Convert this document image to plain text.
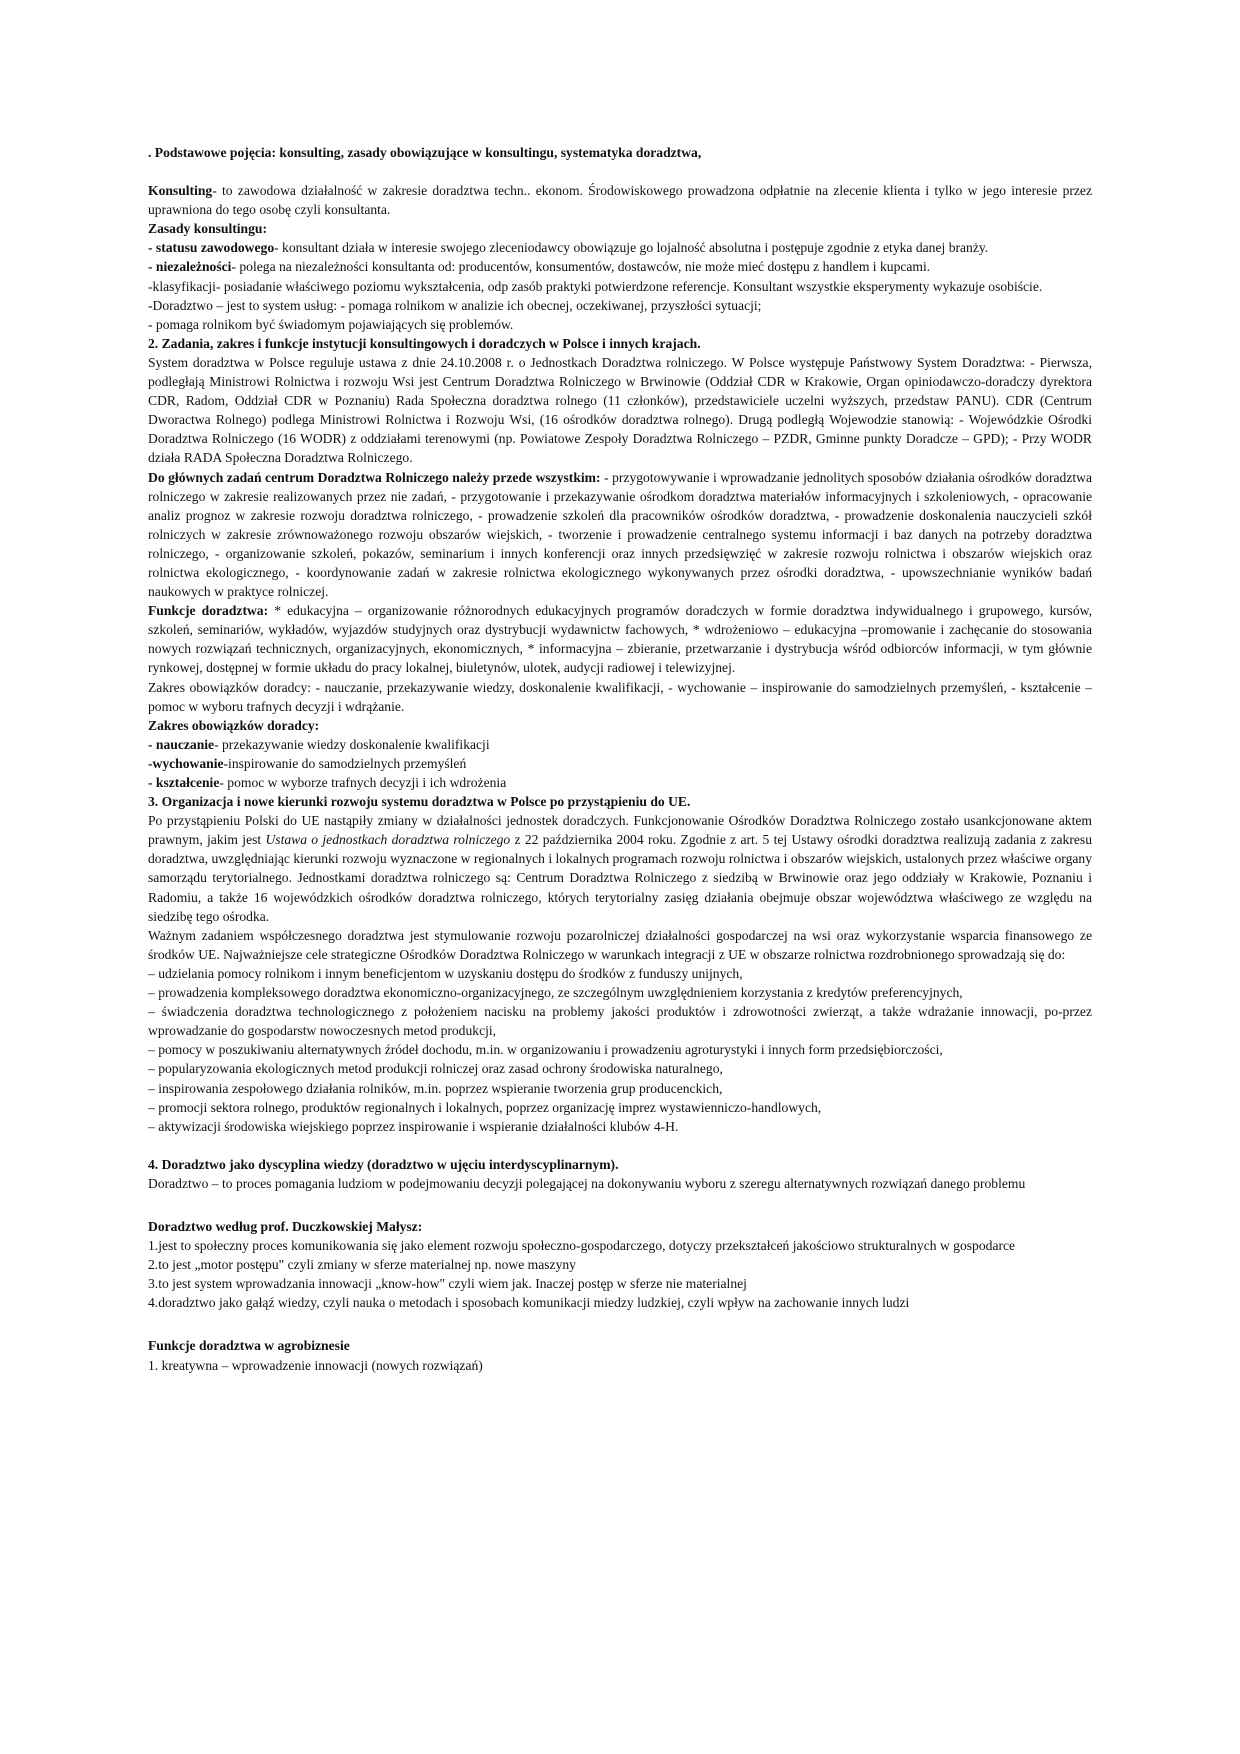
. Podstawowe pojęcia: konsulting, zasady obowiązujące w konsultingu, systematyka doradztwa,

Konsulting- to zawodowa działalność w zakresie doradztwa techn.. ekonom. Środowiskowego prowadzona odpłatnie na zlecenie klienta i tylko w jego interesie przez uprawniona do tego osobę czyli konsultanta.

Zasady konsultingu:

- statusu zawodowego- konsultant działa w interesie swojego zleceniodawcy obowiązuje go lojalność absolutna i postępuje zgodnie z etyka danej branży.

- niezależności- polega na niezależności konsultanta od: producentów, konsumentów, dostawców, nie może mieć dostępu z handlem i kupcami.

-klasyfikacji- posiadanie właściwego poziomu wykształcenia, odp zasób praktyki potwierdzone referencje. Konsultant wszystkie eksperymenty wykazuje osobiście.

-Doradztwo – jest to system usług: - pomaga rolnikom w analizie ich obecnej, oczekiwanej, przyszłości sytuacji;

- pomaga rolnikom być świadomym pojawiających się problemów.

2. Zadania, zakres i funkcje instytucji konsultingowych i doradczych w Polsce i innych krajach.

System doradztwa w Polsce reguluje ustawa z dnie 24.10.2008 r. o Jednostkach Doradztwa rolniczego. W Polsce występuje Państwowy System Doradztwa: - Pierwsza, podległają Ministrowi Rolnictwa i rozwoju Wsi jest Centrum Doradztwa Rolniczego w Brwinowie (Oddział CDR w Krakowie, Organ opiniodawczo-doradczy dyrektora CDR, Radom, Oddział CDR w Poznaniu) Rada Społeczna doradztwa rolnego (11 członków), przedstawiciele uczelni wyższych, przedstaw PANU). CDR (Centrum Dworactwa Rolnego) podlega Ministrowi Rolnictwa i Rozwoju Wsi, (16 ośrodków doradztwa rolnego). Drugą podległą Wojewodzie stanowią: - Wojewódzkie Ośrodki Doradztwa Rolniczego (16 WODR) z oddziałami terenowymi (np. Powiatowe Zespoły Doradztwa Rolniczego – PZDR, Gminne punkty Doradcze – GPD); - Przy WODR działa RADA Społeczna Doradztwa Rolniczego.

Do głównych zadań centrum Doradztwa Rolniczego należy przede wszystkim: - przygotowywanie i wprowadzanie jednolitych sposobów działania ośrodków doradztwa rolniczego w zakresie realizowanych przez nie zadań, - przygotowanie i przekazywanie ośrodkom doradztwa materiałów informacyjnych i szkoleniowych, - opracowanie analiz prognoz w zakresie rozwoju doradztwa rolniczego, - prowadzenie szkoleń dla pracowników ośrodków doradztwa, - prowadzenie doskonalenia nauczycieli szkół rolniczych w zakresie zrównoważonego rozwoju obszarów wiejskich, - tworzenie i prowadzenie centralnego systemu informacji i baz danych na potrzeby doradztwa rolniczego, - organizowanie szkoleń, pokazów, seminarium i innych konferencji oraz innych przedsięwzięć w zakresie rozwoju rolnictwa i obszarów wiejskich oraz rolnictwa ekologicznego, - koordynowanie zadań w zakresie rolnictwa ekologicznego wykonywanych przez ośrodki doradztwa, - upowszechnianie wyników badań naukowych w praktyce rolniczej.

Funkcje doradztwa: * edukacyjna – organizowanie różnorodnych edukacyjnych programów doradczych w formie doradztwa indywidualnego i grupowego, kursów, szkoleń, seminariów, wykładów, wyjazdów studyjnych oraz dystrybucji wydawnictw fachowych, * wdrożeniowo – edukacyjna –promowanie i zachęcanie do stosowania nowych rozwiązań technicznych, organizacyjnych, ekonomicznych, * informacyjna – zbieranie, przetwarzanie i dystrybucja wśród odbiorców informacji, w tym głównie rynkowej, dostępnej w formie układu do pracy lokalnej, biuletynów, ulotek, audycji radiowej i telewizyjnej.

Zakres obowiązków doradcy: - nauczanie, przekazywanie wiedzy, doskonalenie kwalifikacji, - wychowanie – inspirowanie do samodzielnych przemyśleń, - kształcenie – pomoc w wyboru trafnych decyzji i wdrążanie.

Zakres obowiązków doradcy:

- nauczanie- przekazywanie wiedzy doskonalenie kwalifikacji

-wychowanie-inspirowanie do samodzielnych przemyśleń

- kształcenie- pomoc w wyborze trafnych decyzji i ich wdrożenia

3. Organizacja i nowe kierunki rozwoju systemu doradztwa w Polsce po przystąpieniu do UE.

Po przystąpieniu Polski do UE nastąpiły zmiany w działalności jednostek doradczych. Funkcjonowanie Ośrodków Doradztwa Rolniczego zostało usankcjonowane aktem prawnym, jakim jest Ustawa o jednostkach doradztwa rolniczego z 22 października 2004 roku. Zgodnie z art. 5 tej Ustawy ośrodki doradztwa realizują zadania z zakresu doradztwa, uwzględniając kierunki rozwoju wyznaczone w regionalnych i lokalnych programach rozwoju rolnictwa i obszarów wiejskich, ustalonych przez właściwe organy samorządu terytorialnego. Jednostkami doradztwa rolniczego są: Centrum Doradztwa Rolniczego z siedzibą w Brwinowie oraz jego oddziały w Krakowie, Poznaniu i Radomiu, a także 16 wojewódzkich ośrodków doradztwa rolniczego, których terytorialny zasięg działania obejmuje obszar województwa właściwego ze względu na siedzibę tego ośrodka.

Ważnym zadaniem współczesnego doradztwa jest stymulowanie rozwoju pozarolniczej działalności gospodarczej na wsi oraz wykorzystanie wsparcia finansowego ze środków UE. Najważniejsze cele strategiczne Ośrodków Doradztwa Rolniczego w warunkach integracji z UE w obszarze rolnictwa rozdrobnionego sprowadzają się do:

– udzielania pomocy rolnikom i innym beneficjentom w uzyskaniu dostępu do środków z funduszy unijnych,

– prowadzenia kompleksowego doradztwa ekonomiczno-organizacyjnego, ze szczególnym uwzględnieniem korzystania z kredytów preferencyjnych,

– świadczenia doradztwa technologicznego z położeniem nacisku na problemy jakości produktów i zdrowotności zwierząt, a także wdrażanie innowacji, po-przez wprowadzanie do gospodarstw nowoczesnych metod produkcji,

– pomocy w poszukiwaniu alternatywnych źródeł dochodu, m.in. w organizowaniu i prowadzeniu agroturystyki i innych form przedsiębiorczości,

– popularyzowania ekologicznych metod produkcji rolniczej oraz zasad ochrony środowiska naturalnego,

– inspirowania zespołowego działania rolników, m.in. poprzez wspieranie tworzenia grup producenckich,

– promocji sektora rolnego, produktów regionalnych i lokalnych, poprzez organizację imprez wystawienniczo-handlowych,

– aktywizacji środowiska wiejskiego poprzez inspirowanie i wspieranie działalności klubów 4-H.

4. Doradztwo jako dyscyplina wiedzy (doradztwo w ujęciu interdyscyplinarnym).

Doradztwo – to proces pomagania ludziom w podejmowaniu decyzji polegającej na dokonywaniu wyboru z szeregu alternatywnych rozwiązań danego problemu

Doradztwo według prof. Duczkowskiej Małysz:

1.jest to społeczny proces komunikowania się jako element rozwoju społeczno-gospodarczego, dotyczy przekształceń jakościowo strukturalnych w gospodarce

2.to jest „motor postępu" czyli zmiany w sferze materialnej np. nowe maszyny

3.to jest system wprowadzania innowacji „know-how" czyli wiem jak. Inaczej postęp w sferze nie materialnej

4.doradztwo jako gałąź wiedzy, czyli nauka o metodach i sposobach komunikacji miedzy ludzkiej, czyli wpływ na zachowanie innych ludzi

Funkcje doradztwa w agrobiznesie

1. kreatywna – wprowadzenie innowacji (nowych rozwiązań)
